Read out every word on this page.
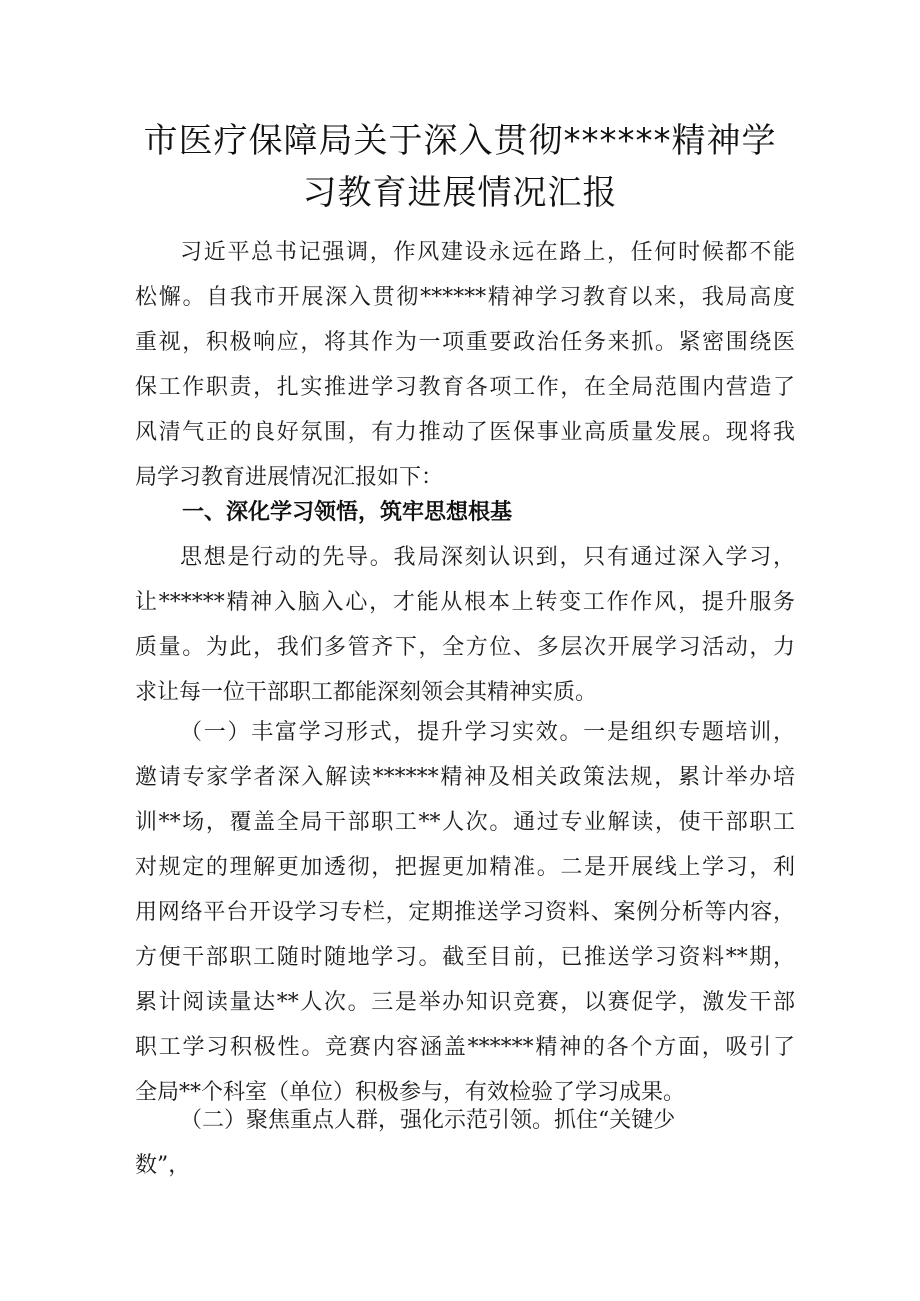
市医疗保障局关于深入贯彻******精神学
习教育进展情况汇报
习近平总书记强调，作风建设永远在路上，任何时候都不能
松懈。自我市开展深入贯彻******精神学习教育以来，我局高度
重视，积极响应，将其作为一项重要政治任务来抓。紧密围绕医
保工作职责，扎实推进学习教育各项工作，在全局范围内营造了
风清气正的良好氛围，有力推动了医保事业高质量发展。现将我
局学习教育进展情况汇报如下：
一、深化学习领悟，筑牢思想根基
思想是行动的先导。我局深刻认识到，只有通过深入学习，
让******精神入脑入心，才能从根本上转变工作作风，提升服务
质量。为此，我们多管齐下，全方位、多层次开展学习活动，力
求让每一位干部职工都能深刻领会其精神实质。
（一）丰富学习形式，提升学习实效。一是组织专题培训，
邀请专家学者深入解读******精神及相关政策法规，累计举办培
训**场，覆盖全局干部职工**人次。通过专业解读，使干部职工
对规定的理解更加透彻，把握更加精准。二是开展线上学习，利
用网络平台开设学习专栏，定期推送学习资料、案例分析等内容，
方便干部职工随时随地学习。截至目前，已推送学习资料**期，
累计阅读量达**人次。三是举办知识竞赛，以赛促学，激发干部
职工学习积极性。竞赛内容涵盖******精神的各个方面，吸引了
全局**个科室（单位）积极参与，有效检验了学习成果。
（二）聚焦重点人群，强化示范引领。抓住“关键少
数”，
